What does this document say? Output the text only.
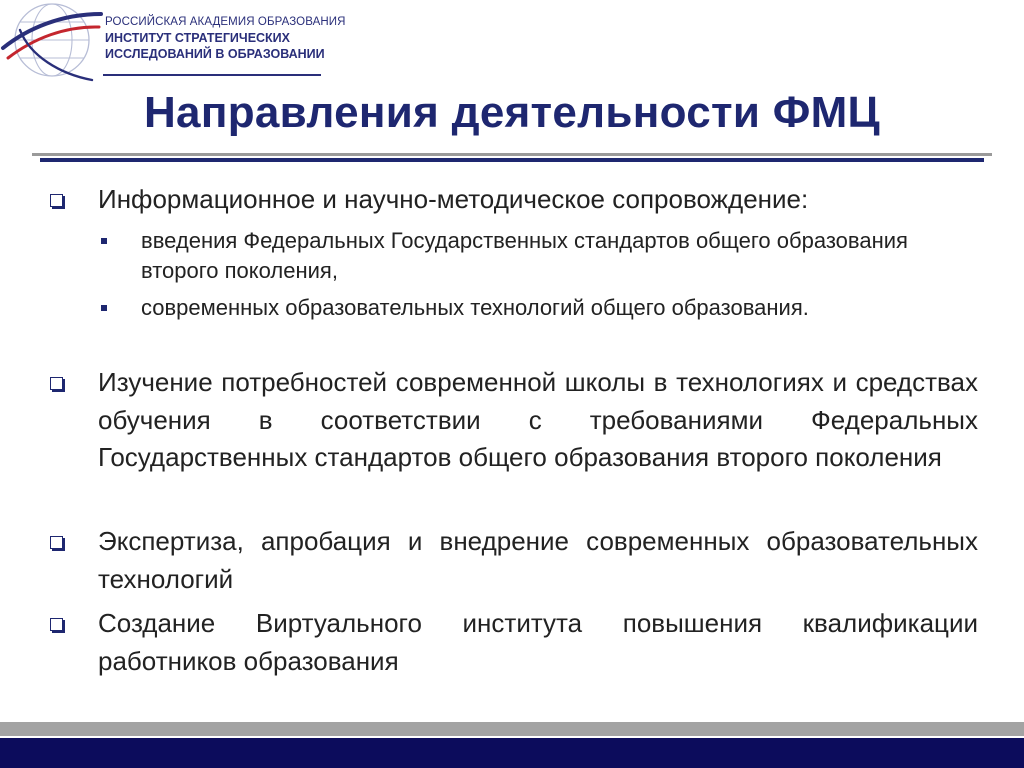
РОССИЙСКАЯ АКАДЕМИЯ ОБРАЗОВАНИЯ
ИНСТИТУТ СТРАТЕГИЧЕСКИХ
ИССЛЕДОВАНИЙ В ОБРАЗОВАНИИ
Направления деятельности ФМЦ
Информационное и научно-методическое сопровождение:
введения Федеральных Государственных стандартов общего образования второго поколения,
современных образовательных технологий общего образования.
Изучение потребностей современной школы в технологиях и средствах обучения в соответствии с требованиями Федеральных Государственных стандартов общего образования второго поколения
Экспертиза, апробация и внедрение современных образовательных технологий
Создание Виртуального института повышения квалификации работников образования
